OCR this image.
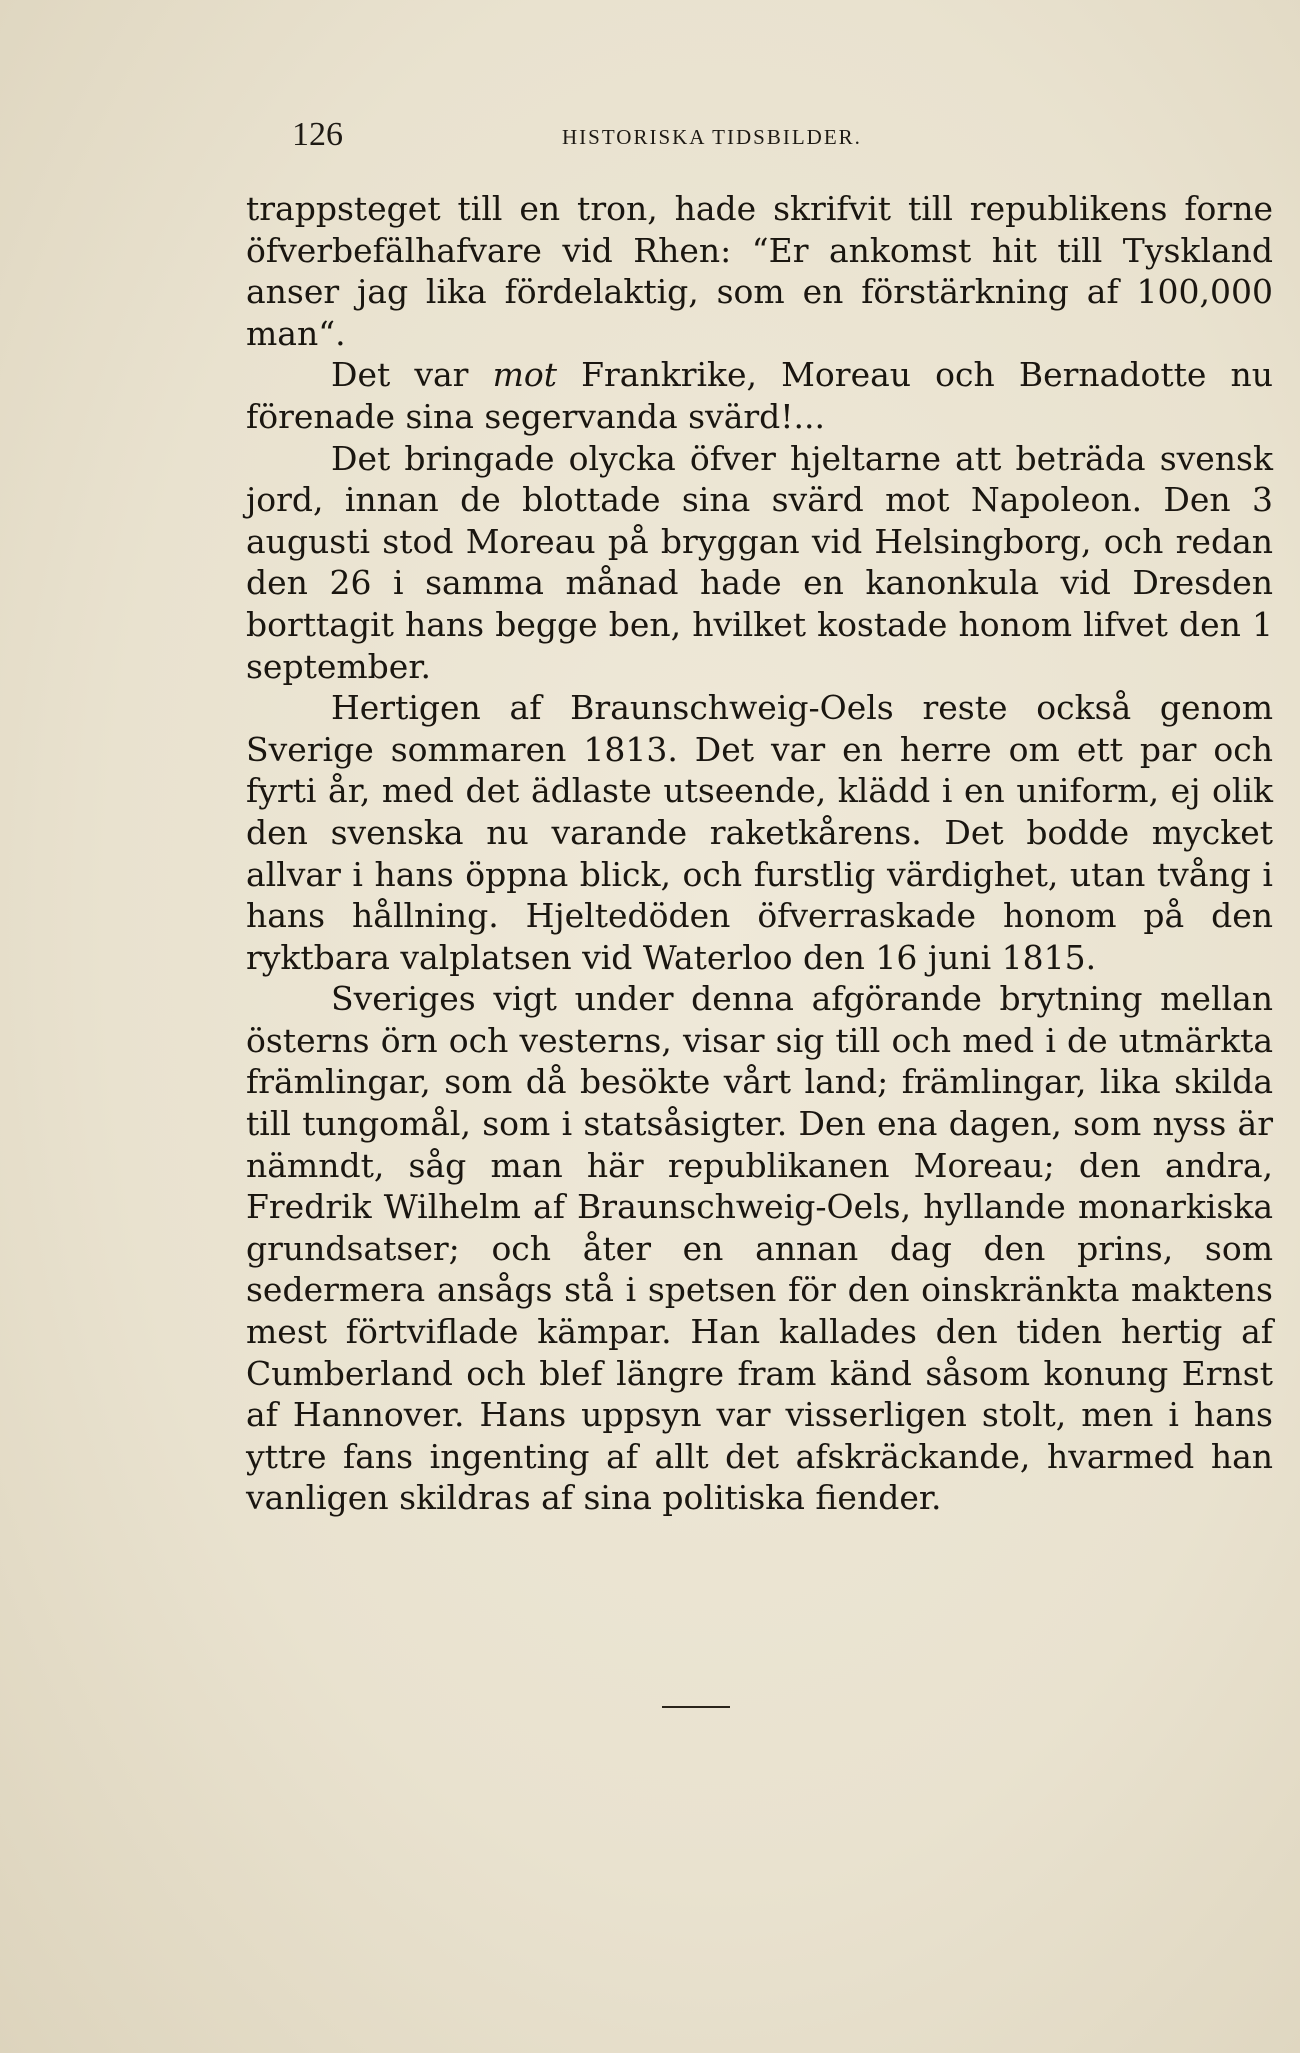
126	HISTORISKA TIDSBILDER.

trappsteget till en tron, hade skrifvit till republikens forne öfverbefälhafvare vid Rhen: “Er ankomst hit till Tyskland anser jag lika fördelaktig, som en förstärkning af 100,000 man“.

Det var mot Frankrike, Moreau och Bernadotte nu förenade sina segervanda svärd!...

Det bringade olycka öfver hjeltarne att beträda svensk jord, innan de blottade sina svärd mot Napoleon. Den 3 augusti stod Moreau på bryggan vid Helsingborg, och redan den 26 i samma månad hade en kanonkula vid Dresden borttagit hans begge ben, hvilket kostade honom lifvet den 1 september.

Hertigen af Braunschweig-Oels reste också genom Sverige sommaren 1813. Det var en herre om ett par och fyrti år, med det ädlaste utseende, klädd i en uniform, ej olik den svenska nu varande raketkårens. Det bodde mycket allvar i hans öppna blick, och furstlig värdighet, utan tvång i hans hållning. Hjeltedöden öfverraskade honom på den ryktbara valplatsen vid Waterloo den 16 juni 1815.

Sveriges vigt under denna afgörande brytning mellan österns örn och vesterns, visar sig till och med i de utmärkta främlingar, som då besökte vårt land; främlingar, lika skilda till tungomål, som i statsåsigter. Den ena dagen, som nyss är nämndt, såg man här republikanen Moreau; den andra, Fredrik Wilhelm af Braunschweig-Oels, hyllande monarkiska grundsatser; och åter en annan dag den prins, som sedermera ansågs stå i spetsen för den oinskränkta maktens mest förtviflade kämpar. Han kallades den tiden hertig af Cumberland och blef längre fram känd såsom konung Ernst af Hannover. Hans uppsyn var visserligen stolt, men i hans yttre fans ingenting af allt det afskräckande, hvarmed han vanligen skildras af sina politiska fiender.
